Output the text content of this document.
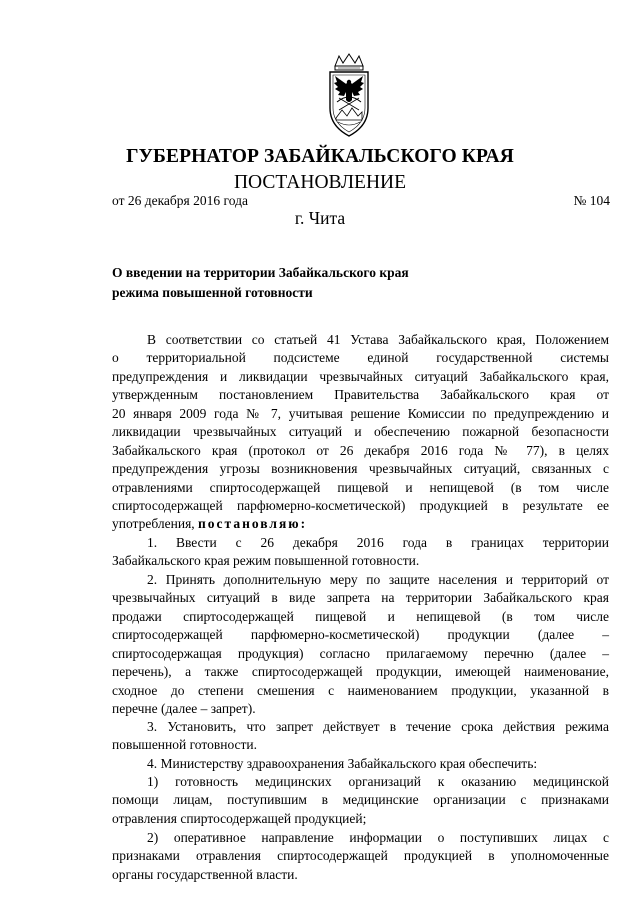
ГУБЕРНАТОР ЗАБАЙКАЛЬСКОГО КРАЯ
ПОСТАНОВЛЕНИЕ
от 26 декабря 2016 года	№ 104
г. Чита
О введении на территории Забайкальского края
режима повышенной готовности
В соответствии со статьей 41 Устава Забайкальского края, Положением
о территориальной подсистеме единой государственной системы
предупреждения и ликвидации чрезвычайных ситуаций Забайкальского края,
утвержденным постановлением Правительства Забайкальского края от
20 января 2009 года № 7, учитывая решение Комиссии по предупреждению и
ликвидации чрезвычайных ситуаций и обеспечению пожарной безопасности
Забайкальского края (протокол от 26 декабря 2016 года № 77), в целях
предупреждения угрозы возникновения чрезвычайных ситуаций, связанных с
отравлениями спиртосодержащей пищевой и непищевой (в том числе
спиртосодержащей парфюмерно-косметической) продукцией в результате ее
употребления, постановляю:
1. Ввести с 26 декабря 2016 года в границах территории
Забайкальского края режим повышенной готовности.
2. Принять дополнительную меру по защите населения и территорий от
чрезвычайных ситуаций в виде запрета на территории Забайкальского края
продажи спиртосодержащей пищевой и непищевой (в том числе
спиртосодержащей парфюмерно-косметической) продукции (далее –
спиртосодержащая продукция) согласно прилагаемому перечню (далее –
перечень), а также спиртосодержащей продукции, имеющей наименование,
сходное до степени смешения с наименованием продукции, указанной в
перечне (далее – запрет).
3. Установить, что запрет действует в течение срока действия режима
повышенной готовности.
4. Министерству здравоохранения Забайкальского края обеспечить:
1) готовность медицинских организаций к оказанию медицинской
помощи лицам, поступившим в медицинские организации с признаками
отравления спиртосодержащей продукцией;
2) оперативное направление информации о поступивших лицах с
признаками отравления спиртосодержащей продукцией в уполномоченные
органы государственной власти.
